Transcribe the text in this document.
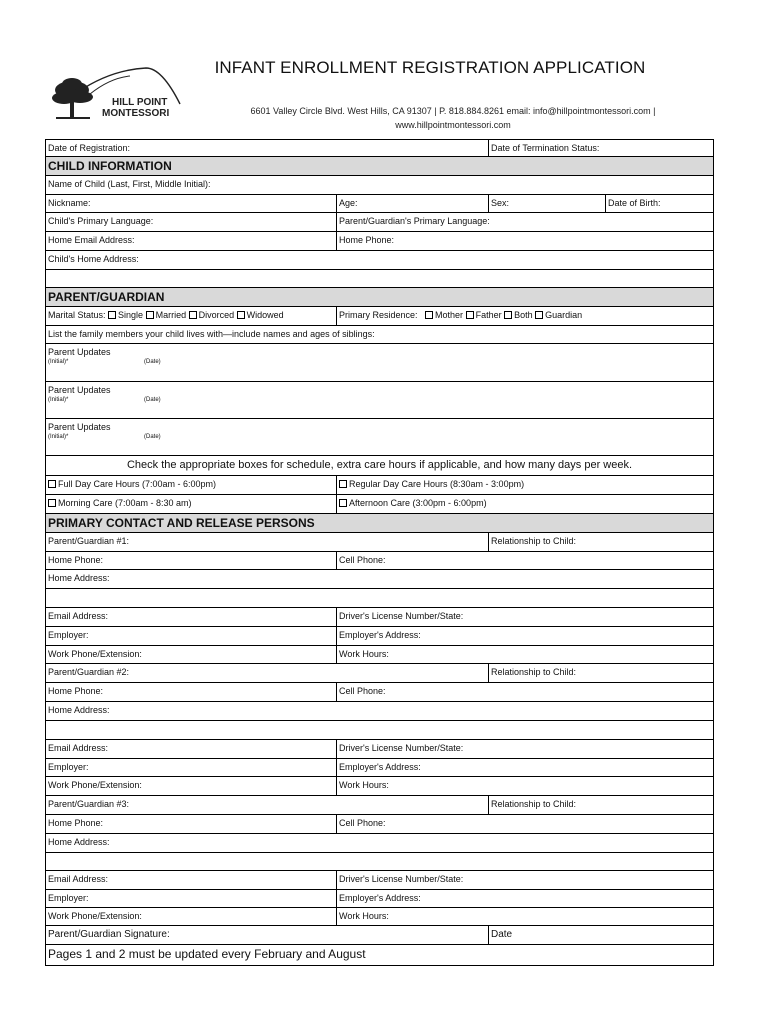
HILL POINT
MONTESSORI
INFANT ENROLLMENT REGISTRATION APPLICATION
6601 Valley Circle Blvd. West Hills, CA 91307 | P. 818.884.8261 email: info@hillpointmontessori.com |
www.hillpointmontessori.com
Date of Registration:	Date of Termination Status:
CHILD INFORMATION
Name of Child (Last, First, Middle Initial):
Nickname:	Age:	Sex:	Date of Birth:
Child's Primary Language:	Parent/Guardian's Primary Language:
Home Email Address:	Home Phone:
Child's Home Address:
PARENT/GUARDIAN
Marital Status: Single Married Divorced Widowed	Primary Residence: Mother Father Both Guardian
List the family members your child lives with—include names and ages of siblings:
Parent Updates
(Initial)*	(Date)
Parent Updates
(Initial)*	(Date)
Parent Updates
(Initial)*	(Date)
Check the appropriate boxes for schedule, extra care hours if applicable, and how many days per week.
Full Day Care Hours (7:00am - 6:00pm)	Regular Day Care Hours (8:30am - 3:00pm)
Morning Care (7:00am - 8:30 am)	Afternoon Care (3:00pm - 6:00pm)
PRIMARY CONTACT AND RELEASE PERSONS
Parent/Guardian #1:	Relationship to Child:
Home Phone:	Cell Phone:
Home Address:
Email Address:	Driver's License Number/State:
Employer:	Employer's Address:
Work Phone/Extension:	Work Hours:
Parent/Guardian #2:	Relationship to Child:
Home Phone:	Cell Phone:
Home Address:
Email Address:	Driver's License Number/State:
Employer:	Employer's Address:
Work Phone/Extension:	Work Hours:
Parent/Guardian #3:	Relationship to Child:
Home Phone:	Cell Phone:
Home Address:
Email Address:	Driver's License Number/State:
Employer:	Employer's Address:
Work Phone/Extension:	Work Hours:
Parent/Guardian Signature:	Date
Pages 1 and 2 must be updated every February and August
